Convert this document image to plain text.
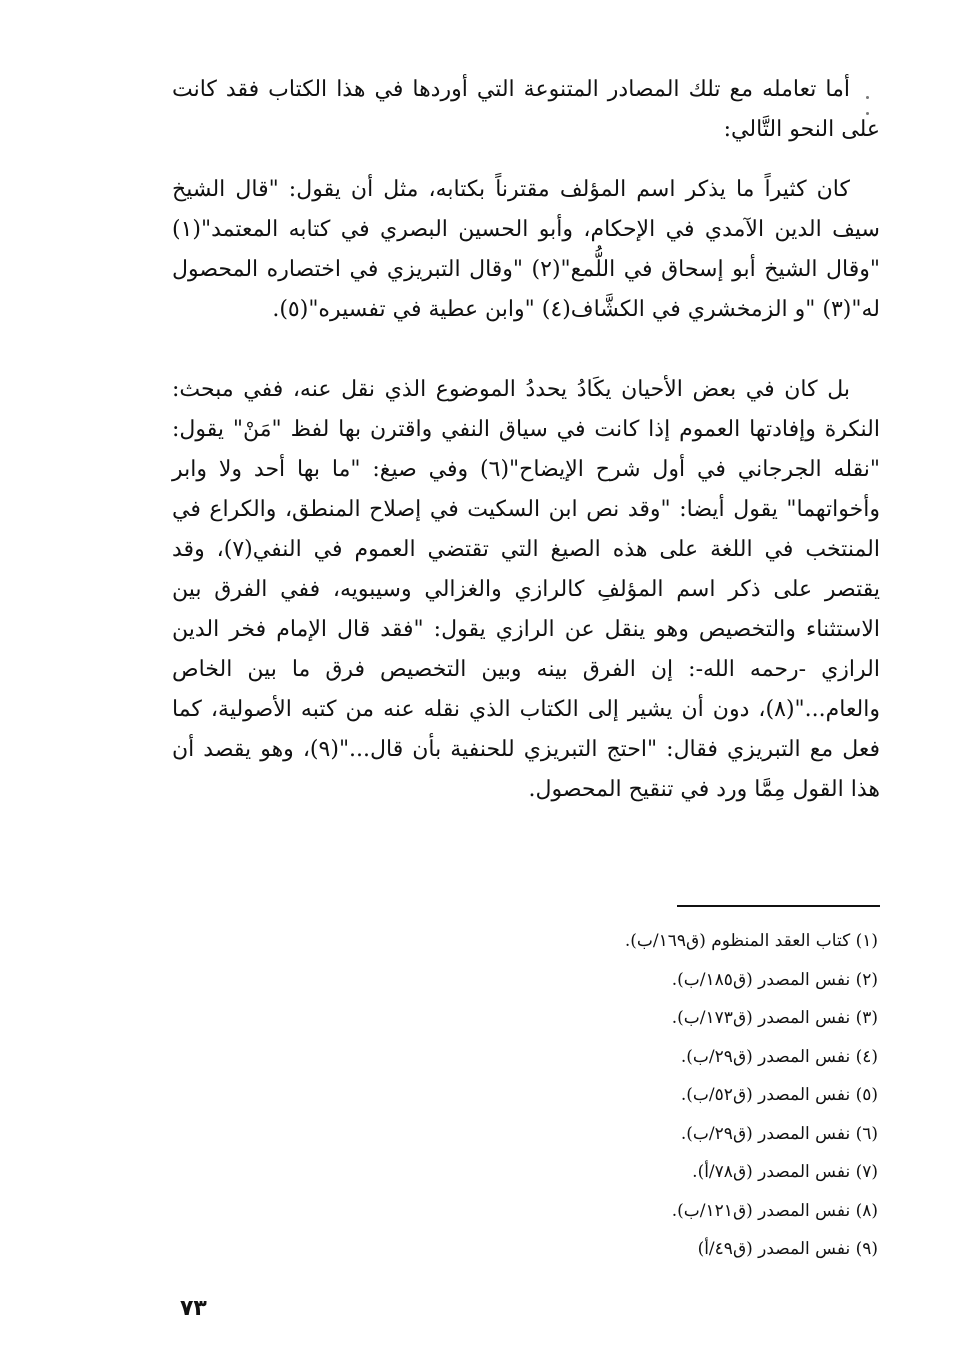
أما تعامله مع تلك المصادر المتنوعة التي أوردها في هذا الكتاب فقد كانت على النحو التَّالي:

كان كثيراً ما يذكر اسم المؤلف مقترناً بكتابه، مثل أن يقول: "قال الشيخ سيف الدين الآمدي في الإحكام، وأبو الحسين البصري في كتابه المعتمد"(١) "وقال الشيخ أبو إسحاق في اللُّمع"(٢) "وقال التبريزي في اختصاره المحصول له"(٣) "و الزمخشري في الكشَّاف(٤) "وابن عطية في تفسيره"(٥).

بل كان في بعض الأحيان يكَادُ يحددُ الموضوع الذي نقل عنه، ففي مبحث: النكرة وإفادتها العموم إذا كانت في سياق النفي واقترن بها لفظ "مَنْ" يقول: "نقله الجرجاني في أول شرح الإيضاح"(٦) وفي صيغ: "ما بها أحد ولا وابر وأخواتهما" يقول أيضا: "وقد نص ابن السكيت في إصلاح المنطق، والكراع في المنتخب في اللغة على هذه الصيغ التي تقتضي العموم في النفي(٧)، وقد يقتصر على ذكر اسم المؤلفِ كالرازي والغزالي وسيبويه، ففي الفرق بين الاستثناء والتخصيص وهو ينقل عن الرازي يقول: "فقد قال الإمام فخر الدين الرازي -رحمه الله-: إن الفرق بينه وبين التخصيص فرق ما بين الخاص والعام..."(٨)، دون أن يشير إلى الكتاب الذي نقله عنه من كتبه الأصولية، كما فعل مع التبريزي فقال: "احتج التبريزي للحنفية بأن قال..."(٩)، وهو يقصد أن هذا القول مِمَّا ورد في تنقيح المحصول.

(١) كتاب العقد المنظوم (ق١٦٩/ب).
(٢) نفس المصدر (ق١٨٥/ب).
(٣) نفس المصدر (ق١٧٣/ب).
(٤) نفس المصدر (ق٢٩/ب).
(٥) نفس المصدر (ق٥٢/ب).
(٦) نفس المصدر (ق٢٩/ب).
(٧) نفس المصدر (ق٧٨/أ).
(٨) نفس المصدر (ق١٢١/ب).
(٩) نفس المصدر (ق٤٩/أ)
٧٣
